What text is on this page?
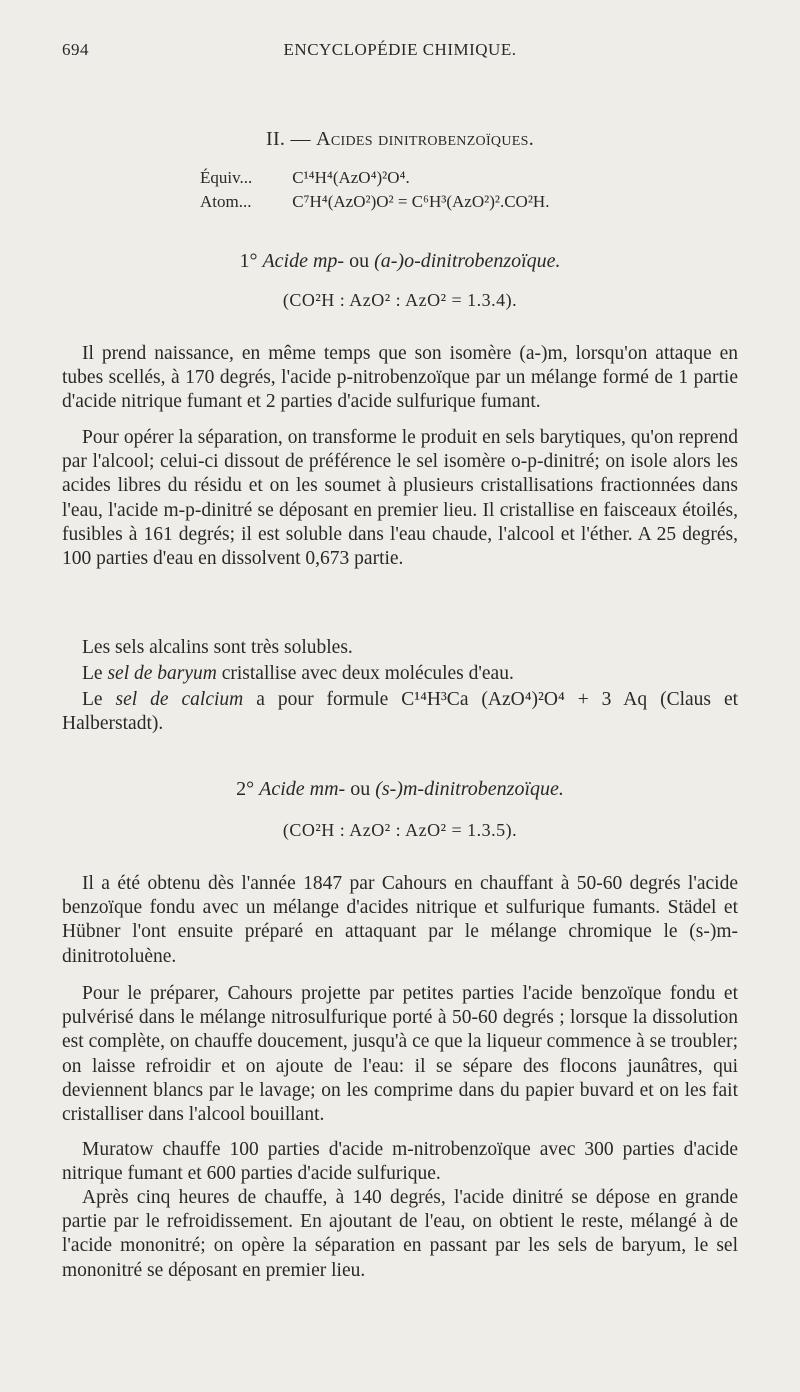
694	ENCYCLOPÉDIE CHIMIQUE.
II. — Acides dinitrobenzoïques.
Équiv... C¹⁴H⁴(AzO⁴)²O⁴.
Atom... C⁷H⁴(AzO²)O² = C⁶H³(AzO²)².CO²H.
1° Acide mp- ou (a-)o-dinitrobenzoïque.
(CO²H : AzO² : AzO² = 1.3.4).
Il prend naissance, en même temps que son isomère (a-)m, lorsqu'on attaque en tubes scellés, à 170 degrés, l'acide p-nitrobenzoïque par un mélange formé de 1 partie d'acide nitrique fumant et 2 parties d'acide sulfurique fumant.
Pour opérer la séparation, on transforme le produit en sels barytiques, qu'on reprend par l'alcool; celui-ci dissout de préférence le sel isomère o-p-dinitré; on isole alors les acides libres du résidu et on les soumet à plusieurs cristallisations fractionnées dans l'eau, l'acide m-p-dinitré se déposant en premier lieu. Il cristallise en faisceaux étoilés, fusibles à 161 degrés; il est soluble dans l'eau chaude, l'alcool et l'éther. A 25 degrés, 100 parties d'eau en dissolvent 0,673 partie.
Les sels alcalins sont très solubles.
Le sel de baryum cristallise avec deux molécules d'eau.
Le sel de calcium a pour formule C¹⁴H³Ca (AzO⁴)²O⁴ + 3 Aq (Claus et Halberstadt).
2° Acide mm- ou (s-)m-dinitrobenzoïque.
(CO²H : AzO² : AzO² = 1.3.5).
Il a été obtenu dès l'année 1847 par Cahours en chauffant à 50-60 degrés l'acide benzoïque fondu avec un mélange d'acides nitrique et sulfurique fumants. Städel et Hübner l'ont ensuite préparé en attaquant par le mélange chromique le (s-)m-dinitrotoluène.
Pour le préparer, Cahours projette par petites parties l'acide benzoïque fondu et pulvérisé dans le mélange nitrosulfurique porté à 50-60 degrés ; lorsque la dissolution est complète, on chauffe doucement, jusqu'à ce que la liqueur commence à se troubler; on laisse refroidir et on ajoute de l'eau: il se sépare des flocons jaunâtres, qui deviennent blancs par le lavage; on les comprime dans du papier buvard et on les fait cristalliser dans l'alcool bouillant.
Muratow chauffe 100 parties d'acide m-nitrobenzoïque avec 300 parties d'acide nitrique fumant et 600 parties d'acide sulfurique.
Après cinq heures de chauffe, à 140 degrés, l'acide dinitré se dépose en grande partie par le refroidissement. En ajoutant de l'eau, on obtient le reste, mélangé à de l'acide mononitré; on opère la séparation en passant par les sels de baryum, le sel mononitré se déposant en premier lieu.
